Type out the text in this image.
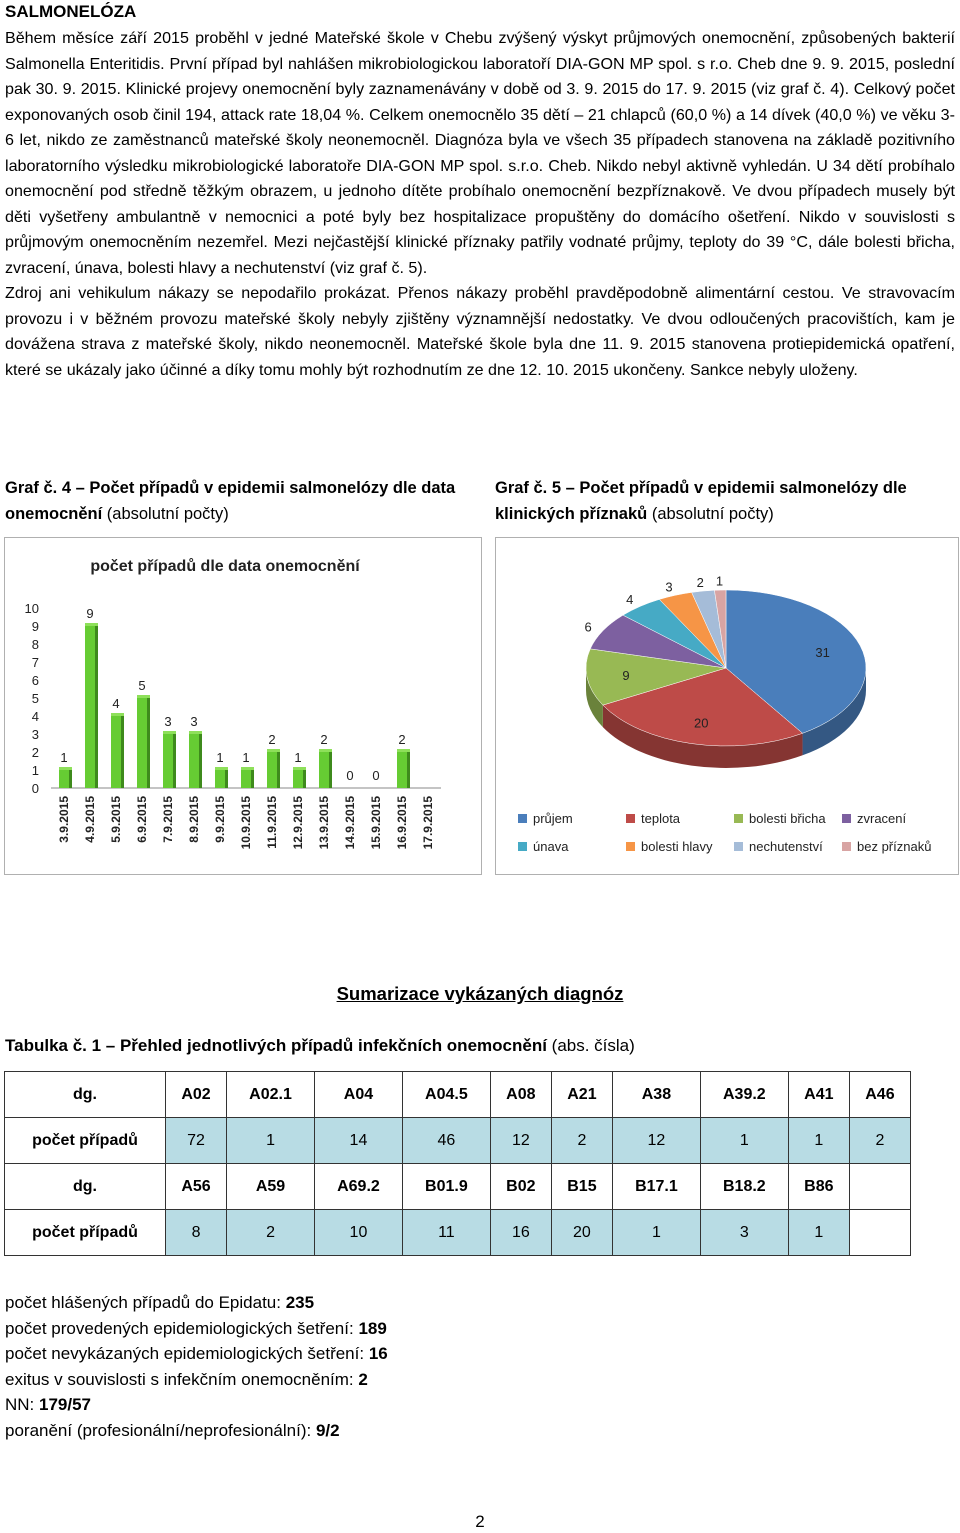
SALMONELÓZA

Během měsíce září 2015 proběhl v jedné Mateřské škole v Chebu zvýšený výskyt průjmových onemocnění, způsobených bakterií Salmonella Enteritidis. První případ byl nahlášen mikrobiologickou laboratoří DIA-GON MP spol. s r.o. Cheb dne 9. 9. 2015, poslední pak 30. 9. 2015. Klinické projevy onemocnění byly zaznamenávány v době od 3. 9. 2015 do 17. 9. 2015 (viz graf č. 4). Celkový počet exponovaných osob činil 194, attack rate 18,04 %. Celkem onemocnělo 35 dětí – 21 chlapců (60,0 %) a 14 dívek (40,0 %) ve věku 3-6 let, nikdo ze zaměstnanců mateřské školy neonemocněl. Diagnóza byla ve všech 35 případech stanovena na základě pozitivního laboratorního výsledku mikrobiologické laboratoře DIA-GON MP spol. s.r.o. Cheb. Nikdo nebyl aktivně vyhledán. U 34 dětí probíhalo onemocnění pod středně těžkým obrazem, u jednoho dítěte probíhalo onemocnění bezpříznakově. Ve dvou případech musely být děti vyšetřeny ambulantně v nemocnici a poté byly bez hospitalizace propuštěny do domácího ošetření. Nikdo v souvislosti s průjmovým onemocněním nezemřel. Mezi nejčastější klinické příznaky patřily vodnaté průjmy, teploty do 39 °C, dále bolesti břicha, zvracení, únava, bolesti hlavy a nechutenství (viz graf č. 5).

Zdroj ani vehikulum nákazy se nepodařilo prokázat. Přenos nákazy proběhl pravděpodobně alimentární cestou. Ve stravovacím provozu i v běžném provozu mateřské školy nebyly zjištěny významnější nedostatky. Ve dvou odloučených pracovištích, kam je dovážena strava z mateřské školy, nikdo neonemocněl. Mateřské škole byla dne 11. 9. 2015 stanovena protiepidemická opatření, které se ukázaly jako účinné a díky tomu mohly být rozhodnutím ze dne 12. 10. 2015 ukončeny. Sankce nebyly uloženy.

Graf č. 4 – Počet případů v epidemii salmonelózy dle data onemocnění (absolutní počty)
Graf č. 5 – Počet případů v epidemii salmonelózy dle klinických příznaků (absolutní počty)
počet případů dle data onemocnění
0
1
2
3
4
5
6
7
8
9
10
1
3.9.2015
9
4.9.2015
4
5.9.2015
5
6.9.2015
3
7.9.2015
3
8.9.2015
1
9.9.2015
1
10.9.2015
2
11.9.2015
1
12.9.2015
2
13.9.2015
0
14.9.2015
0
15.9.2015
2
16.9.2015 17.9.2015
31
20
9
6
4
3 2 1
průjem	teplota	bolesti břicha zvracení
únava	bolesti hlavy	nechutenství	bez příznaků
Sumarizace vykázaných diagnóz
Tabulka č. 1 – Přehled jednotlivých případů infekčních onemocnění (abs. čísla)
dg.	A02	A02.1	A04	A04.5	A08	A21	A38	A39.2	A41	A46
počet případů	72	1	14	46	12	2	12	1	1	2
dg.	A56	A59	A69.2	B01.9	B02	B15	B17.1	B18.2	B86	
počet případů	8	2	10	11	16	20	1	3	1	
počet hlášených případů do Epidatu: 235
počet provedených epidemiologických šetření: 189
počet nevykázaných epidemiologických šetření: 16
exitus v souvislosti s infekčním onemocněním: 2
NN: 179/57
poranění (profesionální/neprofesionální): 9/2
2
